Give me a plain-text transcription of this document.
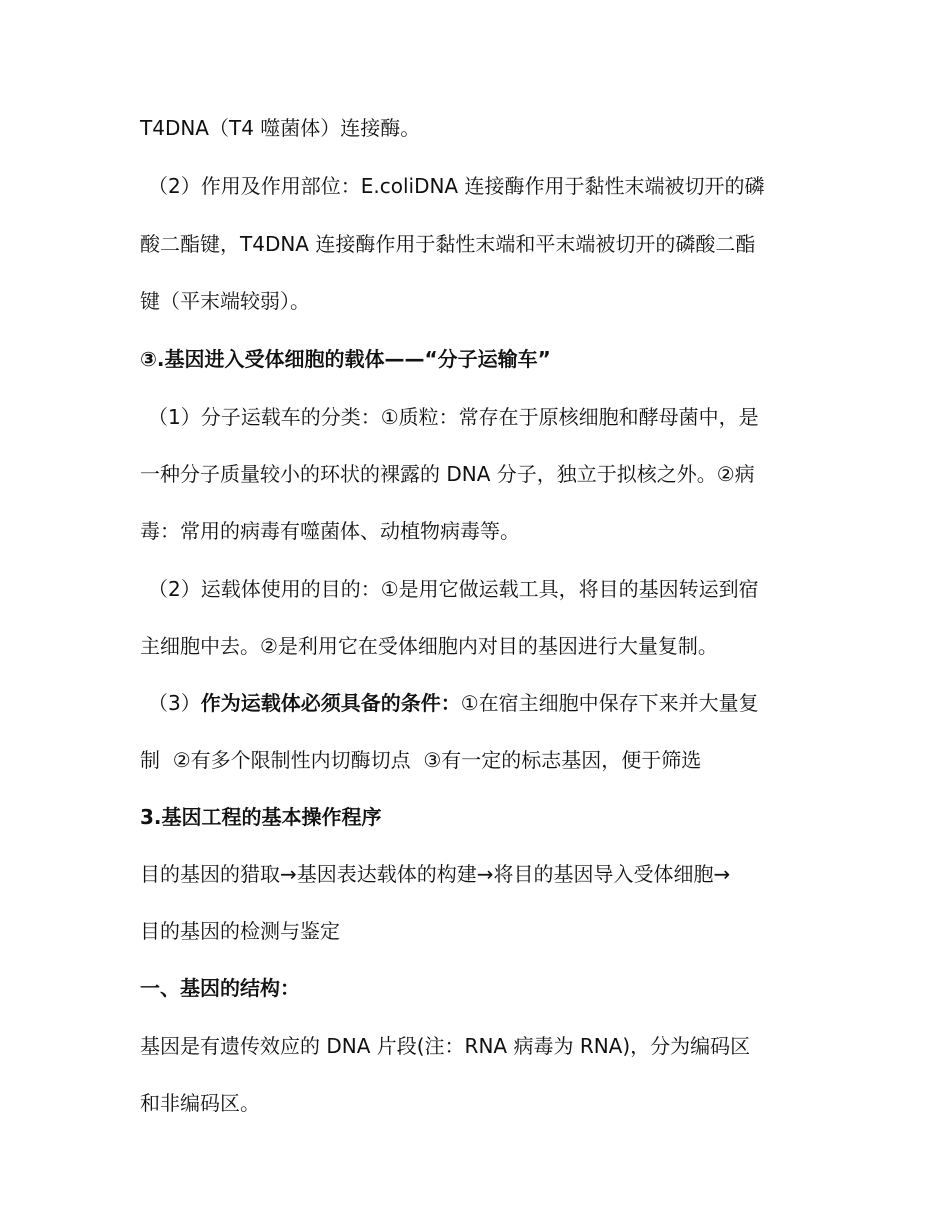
T4DNA（T4 噬菌体）连接酶。
（2）作用及作用部位：E.coliDNA 连接酶作用于黏性末端被切开的磷
酸二酯键，T4DNA 连接酶作用于黏性末端和平末端被切开的磷酸二酯
键（平末端较弱）。
③.基因进入受体细胞的载体——“分子运输车”
（1）分子运载车的分类：①质粒：常存在于原核细胞和酵母菌中，是
一种分子质量较小的环状的裸露的 DNA 分子，独立于拟核之外。②病
毒：常用的病毒有噬菌体、动植物病毒等。
（2）运载体使用的目的：①是用它做运载工具，将目的基因转运到宿
主细胞中去。②是利用它在受体细胞内对目的基因进行大量复制。
（3）作为运载体必须具备的条件：①在宿主细胞中保存下来并大量复
制  ②有多个限制性内切酶切点  ③有一定的标志基因，便于筛选
3.基因工程的基本操作程序
目的基因的猎取→基因表达载体的构建→将目的基因导入受体细胞→
目的基因的检测与鉴定
一、基因的结构：
基因是有遗传效应的 DNA 片段(注：RNA 病毒为 RNA)，分为编码区
和非编码区。
